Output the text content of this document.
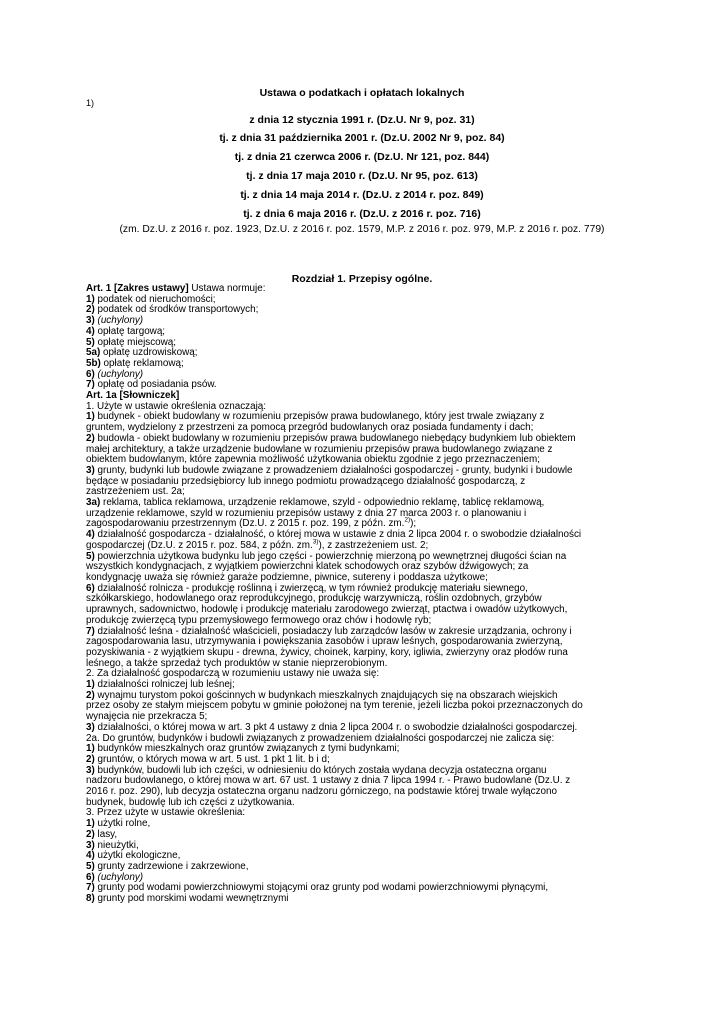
1)
Ustawa o podatkach i opłatach lokalnych
z dnia 12 stycznia 1991 r. (Dz.U. Nr 9, poz. 31)
tj. z dnia 31 października 2001 r. (Dz.U. 2002 Nr 9, poz. 84)
tj. z dnia 21 czerwca 2006 r. (Dz.U. Nr 121, poz. 844)
tj. z dnia 17 maja 2010 r. (Dz.U. Nr 95, poz. 613)
tj. z dnia 14 maja 2014 r. (Dz.U. z 2014 r. poz. 849)
tj. z dnia 6 maja 2016 r. (Dz.U. z 2016 r. poz. 716)
(zm. Dz.U. z 2016 r. poz. 1923, Dz.U. z 2016 r. poz. 1579, M.P. z 2016 r. poz. 979, M.P. z 2016 r. poz. 779)
Rozdział 1. Przepisy ogólne.
Art. 1 [Zakres ustawy] Ustawa normuje:
1) podatek od nieruchomości;
2) podatek od środków transportowych;
3) (uchylony)
4) opłatę targową;
5) opłatę miejscową;
5a) opłatę uzdrowiskową;
5b) opłatę reklamową;
6) (uchylony)
7) opłatę od posiadania psów.
Art. 1a [Słowniczek]
1. Użyte w ustawie określenia oznaczają:
1) budynek - obiekt budowlany w rozumieniu przepisów prawa budowlanego, który jest trwale związany z
gruntem, wydzielony z przestrzeni za pomocą przegród budowlanych oraz posiada fundamenty i dach;
2) budowla - obiekt budowlany w rozumieniu przepisów prawa budowlanego niebędący budynkiem lub obiektem
małej architektury, a także urządzenie budowlane w rozumieniu przepisów prawa budowlanego związane z
obiektem budowlanym, które zapewnia możliwość użytkowania obiektu zgodnie z jego przeznaczeniem;
3) grunty, budynki lub budowle związane z prowadzeniem działalności gospodarczej - grunty, budynki i budowle
będące w posiadaniu przedsiębiorcy lub innego podmiotu prowadzącego działalność gospodarczą, z
zastrzeżeniem ust. 2a;
3a) reklama, tablica reklamowa, urządzenie reklamowe, szyld - odpowiednio reklamę, tablicę reklamową,
urządzenie reklamowe, szyld w rozumieniu przepisów ustawy z dnia 27 marca 2003 r. o planowaniu i
zagospodarowaniu przestrzennym (Dz.U. z 2015 r. poz. 199, z późn. zm.$^{2)}$);
4) działalność gospodarcza - działalność, o której mowa w ustawie z dnia 2 lipca 2004 r. o swobodzie działalności
gospodarczej (Dz.U. z 2015 r. poz. 584, z późn. zm.$^{3)}$), z zastrzeżeniem ust. 2;
5) powierzchnia użytkowa budynku lub jego części - powierzchnię mierzoną po wewnętrznej długości ścian na
wszystkich kondygnacjach, z wyjątkiem powierzchni klatek schodowych oraz szybów dźwigowych; za
kondygnację uważa się również garaże podziemne, piwnice, sutereny i poddasza użytkowe;
6) działalność rolnicza - produkcję roślinną i zwierzęcą, w tym również produkcję materiału siewnego,
szkółkarskiego, hodowlanego oraz reprodukcyjnego, produkcję warzywniczą, roślin ozdobnych, grzybów
uprawnych, sadownictwo, hodowlę i produkcję materiału zarodowego zwierząt, ptactwa i owadów użytkowych,
produkcję zwierzęcą typu przemysłowego fermowego oraz chów i hodowlę ryb;
7) działalność leśna - działalność właścicieli, posiadaczy lub zarządców lasów w zakresie urządzania, ochrony i
zagospodarowania lasu, utrzymywania i powiększania zasobów i upraw leśnych, gospodarowania zwierzyną,
pozyskiwania - z wyjątkiem skupu - drewna, żywicy, choinek, karpiny, kory, igliwia, zwierzyny oraz płodów runa
leśnego, a także sprzedaż tych produktów w stanie nieprzerobionym.
2. Za działalność gospodarczą w rozumieniu ustawy nie uważa się:
1) działalności rolniczej lub leśnej;
2) wynajmu turystom pokoi gościnnych w budynkach mieszkalnych znajdujących się na obszarach wiejskich
przez osoby ze stałym miejscem pobytu w gminie położonej na tym terenie, jeżeli liczba pokoi przeznaczonych do
wynajęcia nie przekracza 5;
3) działalności, o której mowa w art. 3 pkt 4 ustawy z dnia 2 lipca 2004 r. o swobodzie działalności gospodarczej.
2a. Do gruntów, budynków i budowli związanych z prowadzeniem działalności gospodarczej nie zalicza się:
1) budynków mieszkalnych oraz gruntów związanych z tymi budynkami;
2) gruntów, o których mowa w art. 5 ust. 1 pkt 1 lit. b i d;
3) budynków, budowli lub ich części, w odniesieniu do których została wydana decyzja ostateczna organu
nadzoru budowlanego, o której mowa w art. 67 ust. 1 ustawy z dnia 7 lipca 1994 r. - Prawo budowlane (Dz.U. z
2016 r. poz. 290), lub decyzja ostateczna organu nadzoru górniczego, na podstawie której trwale wyłączono
budynek, budowlę lub ich części z użytkowania.
3. Przez użyte w ustawie określenia:
1) użytki rolne,
2) lasy,
3) nieużytki,
4) użytki ekologiczne,
5) grunty zadrzewione i zakrzewione,
6) (uchylony)
7) grunty pod wodami powierzchniowymi stojącymi oraz grunty pod wodami powierzchniowymi płynącymi,
8) grunty pod morskimi wodami wewnętrznymi
